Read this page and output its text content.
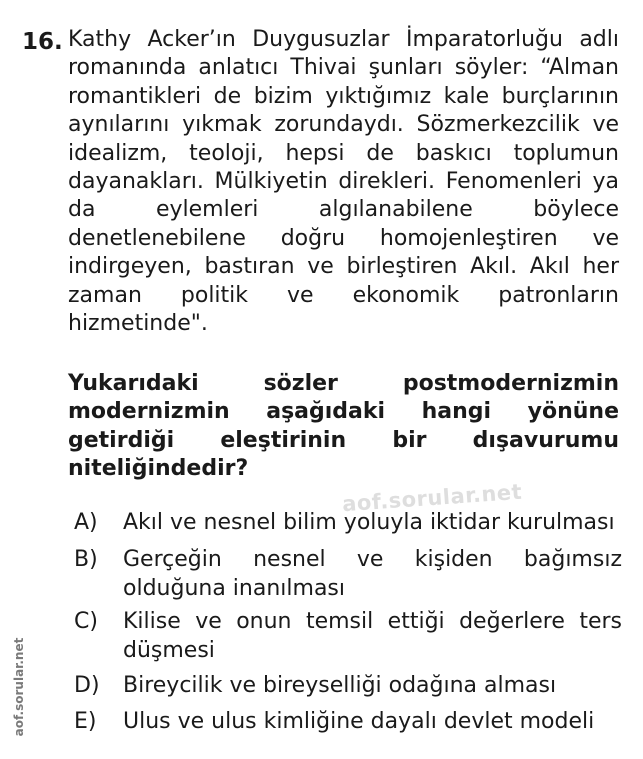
16. Kathy Acker’ın Duygusuzlar İmparatorluğu adlı romanında anlatıcı Thivai şunları söyler: “Alman romantikleri de bizim yıktığımız kale burçlarının aynılarını yıkmak zorundaydı. Sözmerkezcilik ve idealizm, teoloji, hepsi de baskıcı toplumun dayanakları. Mülkiyetin direkleri. Fenomenleri ya da eylemleri algılanabilene böylece denetlenebilene doğru homojenleştiren ve indirgeyen, bastıran ve birleştiren Akıl. Akıl her zaman politik ve ekonomik patronların hizmetinde".
Yukarıdaki sözler postmodernizmin modernizmin aşağıdaki hangi yönüne getirdiği eleştirinin bir dışavurumu niteliğindedir?
A)	Akıl ve nesnel bilim yoluyla iktidar kurulması
B)	Gerçeğin nesnel ve kişiden bağımsız olduğuna inanılması
C)	Kilise ve onun temsil ettiği değerlere ters düşmesi
D)	Bireycilik ve bireyselliği odağına alması
E)	Ulus ve ulus kimliğine dayalı devlet modeli
aof.sorular.net
aof.sorular.net
